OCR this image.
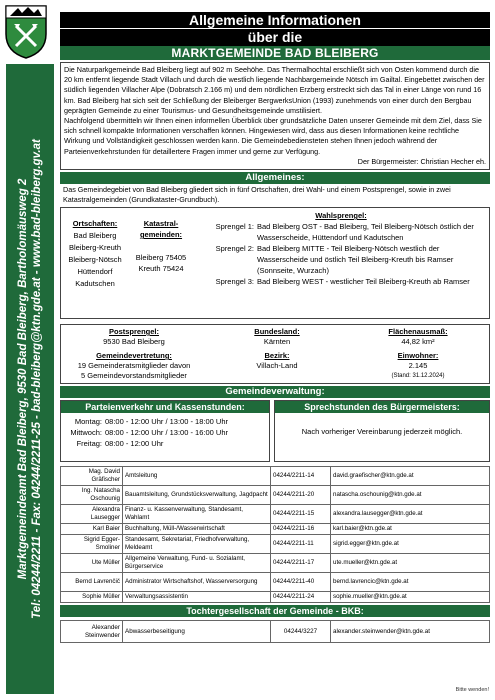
Allgemeine Informationen
über die
MARKTGEMEINDE BAD BLEIBERG
Marktgemeindeamt Bad Bleiberg, 9530 Bad Bleiberg, Bartholomäusweg 2 Tel: 04244/2211 - Fax: 04244/2211-25 - bad-bleiberg@ktn.gde.at - www.bad-bleiberg.gv.at

Die Naturparkgemeinde Bad Bleiberg liegt auf 902 m Seehöhe. Das Thermalhochtal erschließt sich von Osten kommend durch die 20 km entfernt liegende Stadt Villach und durch die westlich liegende Nachbargemeinde Nötsch im Gailtal. Eingebettet zwischen der südlich liegenden Villacher Alpe (Dobratsch 2.166 m) und dem nördlichen Erzberg erstreckt sich das Tal in einer Länge von rund 16 km. Bad Bleiberg hat sich seit der Schließung der Bleiberger BergwerksUnion (1993) zunehmends von einer durch den Bergbau geprägten Gemeinde zu einer Tourismus- und Gesundheitsgemeinde umstilisiert.

Nachfolgend übermitteln wir Ihnen einen informellen Überblick über grundsätzliche Daten unserer Gemeinde mit dem Ziel, dass Sie sich schnell kompakte Informationen verschaffen können. Hingewiesen wird, dass aus diesen Informationen keine rechtliche Wirkung und Vollständigkeit geschlossen werden kann. Die Gemeindebediensteten stehen Ihnen jedoch während der Parteienverkehrstunden für detaillertere Fragen immer und gerne zur Verfügung.

Der Bürgermeister: Christian Hecher eh.

Allgemeines:
Das Gemeindegebiet von Bad Bleiberg gliedert sich in fünf Ortschaften, drei Wahl- und einem Postsprengel, sowie in zwei Katastralgemeinden (Grundkataster-Grundbuch).
Ortschaften:
Bad Bleiberg
Bleiberg-Kreuth
Bleiberg-Nötsch
Hüttendorf
Kadutschen
Katastral-
gemeinden:
Bleiberg 75405
Kreuth 75424
Wahlsprengel:
Sprengel 1: Bad Bleiberg OST - Bad Bleiberg, Teil Bleiberg-Nötsch östlich der Wasserscheide, Hüttendorf und Kadutschen
Sprengel 2: Bad Bleiberg MITTE - Teil Bleiberg-Nötsch westlich der Wasserscheide und östlich Teil Bleiberg-Kreuth bis Ramser (Sonnseite, Wurzach)
Sprengel 3: Bad Bleiberg WEST - westlicher Teil Bleiberg-Kreuth ab Ramser
Postsprengel:
9530 Bad Bleiberg
Bundesland:
Kärnten
Flächenausmaß:
44,82 km²
Gemeindevertretung:
19 Gemeinderatsmitglieder davon
5 Gemeindevorstandsmitglieder
Bezirk:
Villach-Land
Einwohner:
2.145
(Stand: 31.12.2024)
Gemeindeverwaltung:
Parteienverkehr und Kassenstunden:
Montag: 08:00 - 12:00 Uhr / 13:00 - 18:00 Uhr
Mittwoch: 08:00 - 12:00 Uhr / 13:00 - 16:00 Uhr
Freitag: 08:00 - 12:00 Uhr
Sprechstunden des Bürgermeisters:
Nach vorheriger Vereinbarung jederzeit möglich.
Mag. David Gräfischer	Amtsleitung	04244/2211-14	david.graefischer@ktn.gde.at
Ing. Natascha Oschounig	Bauamtsleitung, Grundstücksverwaltung, Jagdpacht	04244/2211-20	natascha.oschounig@ktn.gde.at
Alexandra Lausegger	Finanz- u. Kassenverwaltung, Standesamt, Wahlamt	04244/2211-15	alexandra.lausegger@ktn.gde.at
Karl Baier	Buchhaltung, Müll-/Wasserwirtschaft	04244/2211-16	karl.baier@ktn.gde.at
Sigrid Egger-Smoliner	Standesamt, Sekretariat, Friedhofverwaltung, Meldeamt	04244/2211-11	sigrid.egger@ktn.gde.at
Ute Müller	Allgemeine Verwaltung, Fund- u. Sozialamt, Bürgerservice	04244/2211-17	ute.mueller@ktn.gde.at
Bernd Lavrenčič	Administrator Wirtschaftshof, Wasserversorgung	04244/2211-40	bernd.lavrencic@ktn.gde.at
Sophie Müller	Verwaltungsassistentin	04244/2211-24	sophie.mueller@ktn.gde.at
Tochtergesellschaft der Gemeinde - BKB:
Alexander Steinwender	Abwasserbeseitigung	04244/3227	alexander.steinwender@ktn.gde.at
Bitte wenden!
